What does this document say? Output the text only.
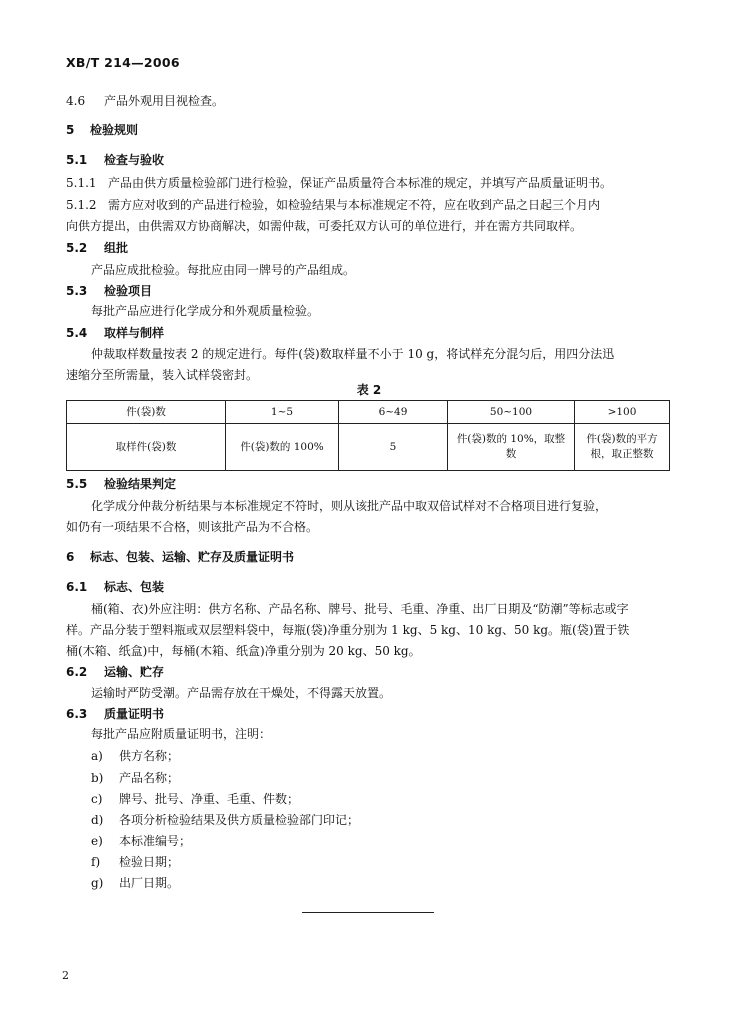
XB/T 214—2006
4.6 产品外观用目视检查。
5 检验规则
5.1 检查与验收
5.1.1 产品由供方质量检验部门进行检验，保证产品质量符合本标准的规定，并填写产品质量证明书。
5.1.2 需方应对收到的产品进行检验，如检验结果与本标准规定不符，应在收到产品之日起三个月内
向供方提出，由供需双方协商解决，如需仲裁，可委托双方认可的单位进行，并在需方共同取样。
5.2 组批
产品应成批检验。每批应由同一牌号的产品组成。
5.3 检验项目
每批产品应进行化学成分和外观质量检验。
5.4 取样与制样
仲裁取样数量按表 2 的规定进行。每件(袋)数取样量不小于 10 g，将试样充分混匀后，用四分法迅
速缩分至所需量，装入试样袋密封。
表 2
件(袋)数	1~5	6~49	50~100	>100
取样件(袋)数	件(袋)数的 100%	5	件(袋)数的 10%，取整数	件(袋)数的平方根，取正整数
5.5 检验结果判定
化学成分仲裁分析结果与本标准规定不符时，则从该批产品中取双倍试样对不合格项目进行复验，
如仍有一项结果不合格，则该批产品为不合格。
6 标志、包装、运输、贮存及质量证明书
6.1 标志、包装
桶(箱、衣)外应注明：供方名称、产品名称、牌号、批号、毛重、净重、出厂日期及“防潮”等标志或字
样。产品分装于塑料瓶或双层塑料袋中，每瓶(袋)净重分别为 1 kg、5 kg、10 kg、50 kg。瓶(袋)置于铁
桶(木箱、纸盒)中，每桶(木箱、纸盒)净重分别为 20 kg、50 kg。
6.2 运输、贮存
运输时严防受潮。产品需存放在干燥处，不得露天放置。
6.3 质量证明书
每批产品应附质量证明书，注明：
a) 供方名称；
b) 产品名称；
c) 牌号、批号、净重、毛重、件数；
d) 各项分析检验结果及供方质量检验部门印记；
e) 本标准编号；
f) 检验日期；
g) 出厂日期。
2
